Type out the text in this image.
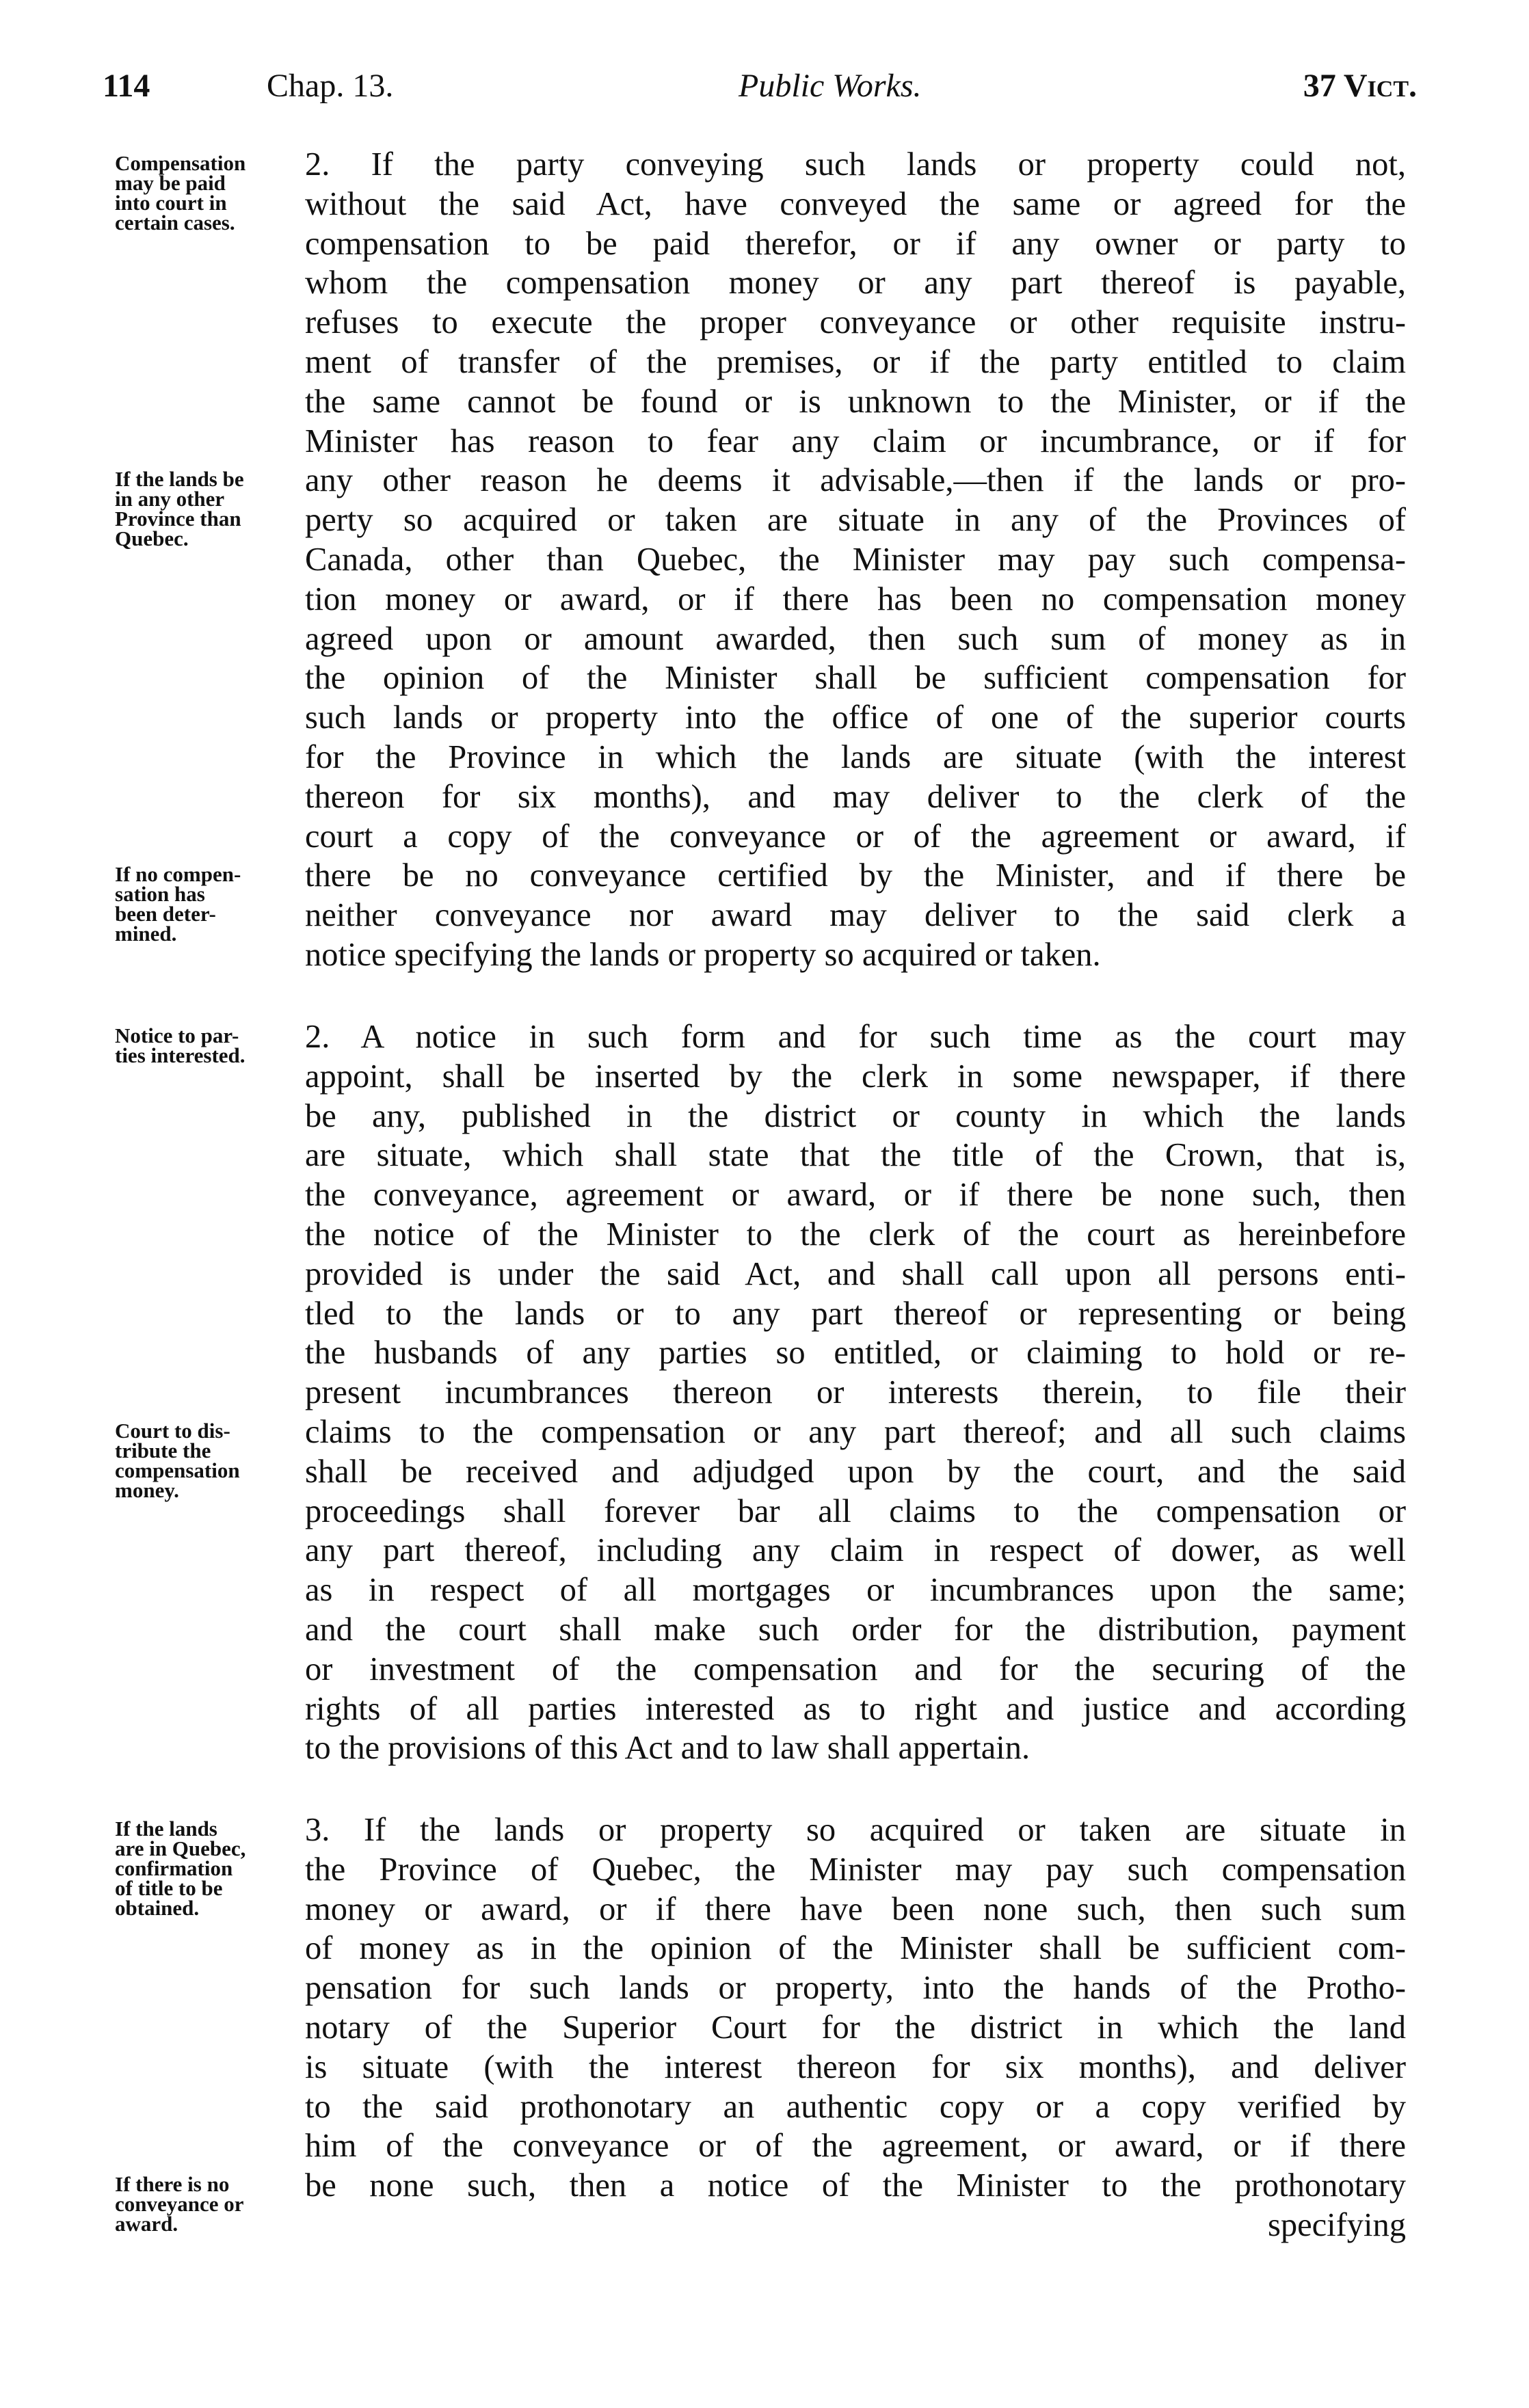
114	Chap. 13.	Public Works.	37 Vict.
2. If the party conveying such lands or property could not,
without the said Act, have conveyed the same or agreed for the
compensation to be paid therefor, or if any owner or party to
whom the compensation money or any part thereof is payable,
refuses to execute the proper conveyance or other requisite instru-
ment of transfer of the premises, or if the party entitled to claim
the same cannot be found or is unknown to the Minister, or if the
Minister has reason to fear any claim or incumbrance, or if for
any other reason he deems it advisable,—then if the lands or pro-
perty so acquired or taken are situate in any of the Provinces of
Canada, other than Quebec, the Minister may pay such compensa-
tion money or award, or if there has been no compensation money
agreed upon or amount awarded, then such sum of money as in
the opinion of the Minister shall be sufficient compensation for
such lands or property into the office of one of the superior courts
for the Province in which the lands are situate (with the interest
thereon for six months), and may deliver to the clerk of the
court a copy of the conveyance or of the agreement or award, if
there be no conveyance certified by the Minister, and if there be
neither conveyance nor award may deliver to the said clerk a
notice specifying the lands or property so acquired or taken.
Compensation
may be paid
into court in
certain cases.
If the lands be
in any other
Province than
Quebec.
If no compen-
sation has
been deter-
mined.
2. A notice in such form and for such time as the court may
appoint, shall be inserted by the clerk in some newspaper, if there
be any, published in the district or county in which the lands
are situate, which shall state that the title of the Crown, that is,
the conveyance, agreement or award, or if there be none such, then
the notice of the Minister to the clerk of the court as hereinbefore
provided is under the said Act, and shall call upon all persons enti-
tled to the lands or to any part thereof or representing or being
the husbands of any parties so entitled, or claiming to hold or re-
present incumbrances thereon or interests therein, to file their
claims to the compensation or any part thereof; and all such claims
shall be received and adjudged upon by the court, and the said
proceedings shall forever bar all claims to the compensation or
any part thereof, including any claim in respect of dower, as well
as in respect of all mortgages or incumbrances upon the same;
and the court shall make such order for the distribution, payment
or investment of the compensation and for the securing of the
rights of all parties interested as to right and justice and according
to the provisions of this Act and to law shall appertain.
Notice to par-
ties interested.
Court to dis-
tribute the
compensation
money.
3. If the lands or property so acquired or taken are situate in
the Province of Quebec, the Minister may pay such compensation
money or award, or if there have been none such, then such sum
of money as in the opinion of the Minister shall be sufficient com-
pensation for such lands or property, into the hands of the Protho-
notary of the Superior Court for the district in which the land
is situate (with the interest thereon for six months), and deliver
to the said prothonotary an authentic copy or a copy verified by
him of the conveyance or of the agreement, or award, or if there
be none such, then a notice of the Minister to the prothonotary
specifying
If the lands
are in Quebec,
confirmation
of title to be
obtained.
If there is no
conveyance or
award.
